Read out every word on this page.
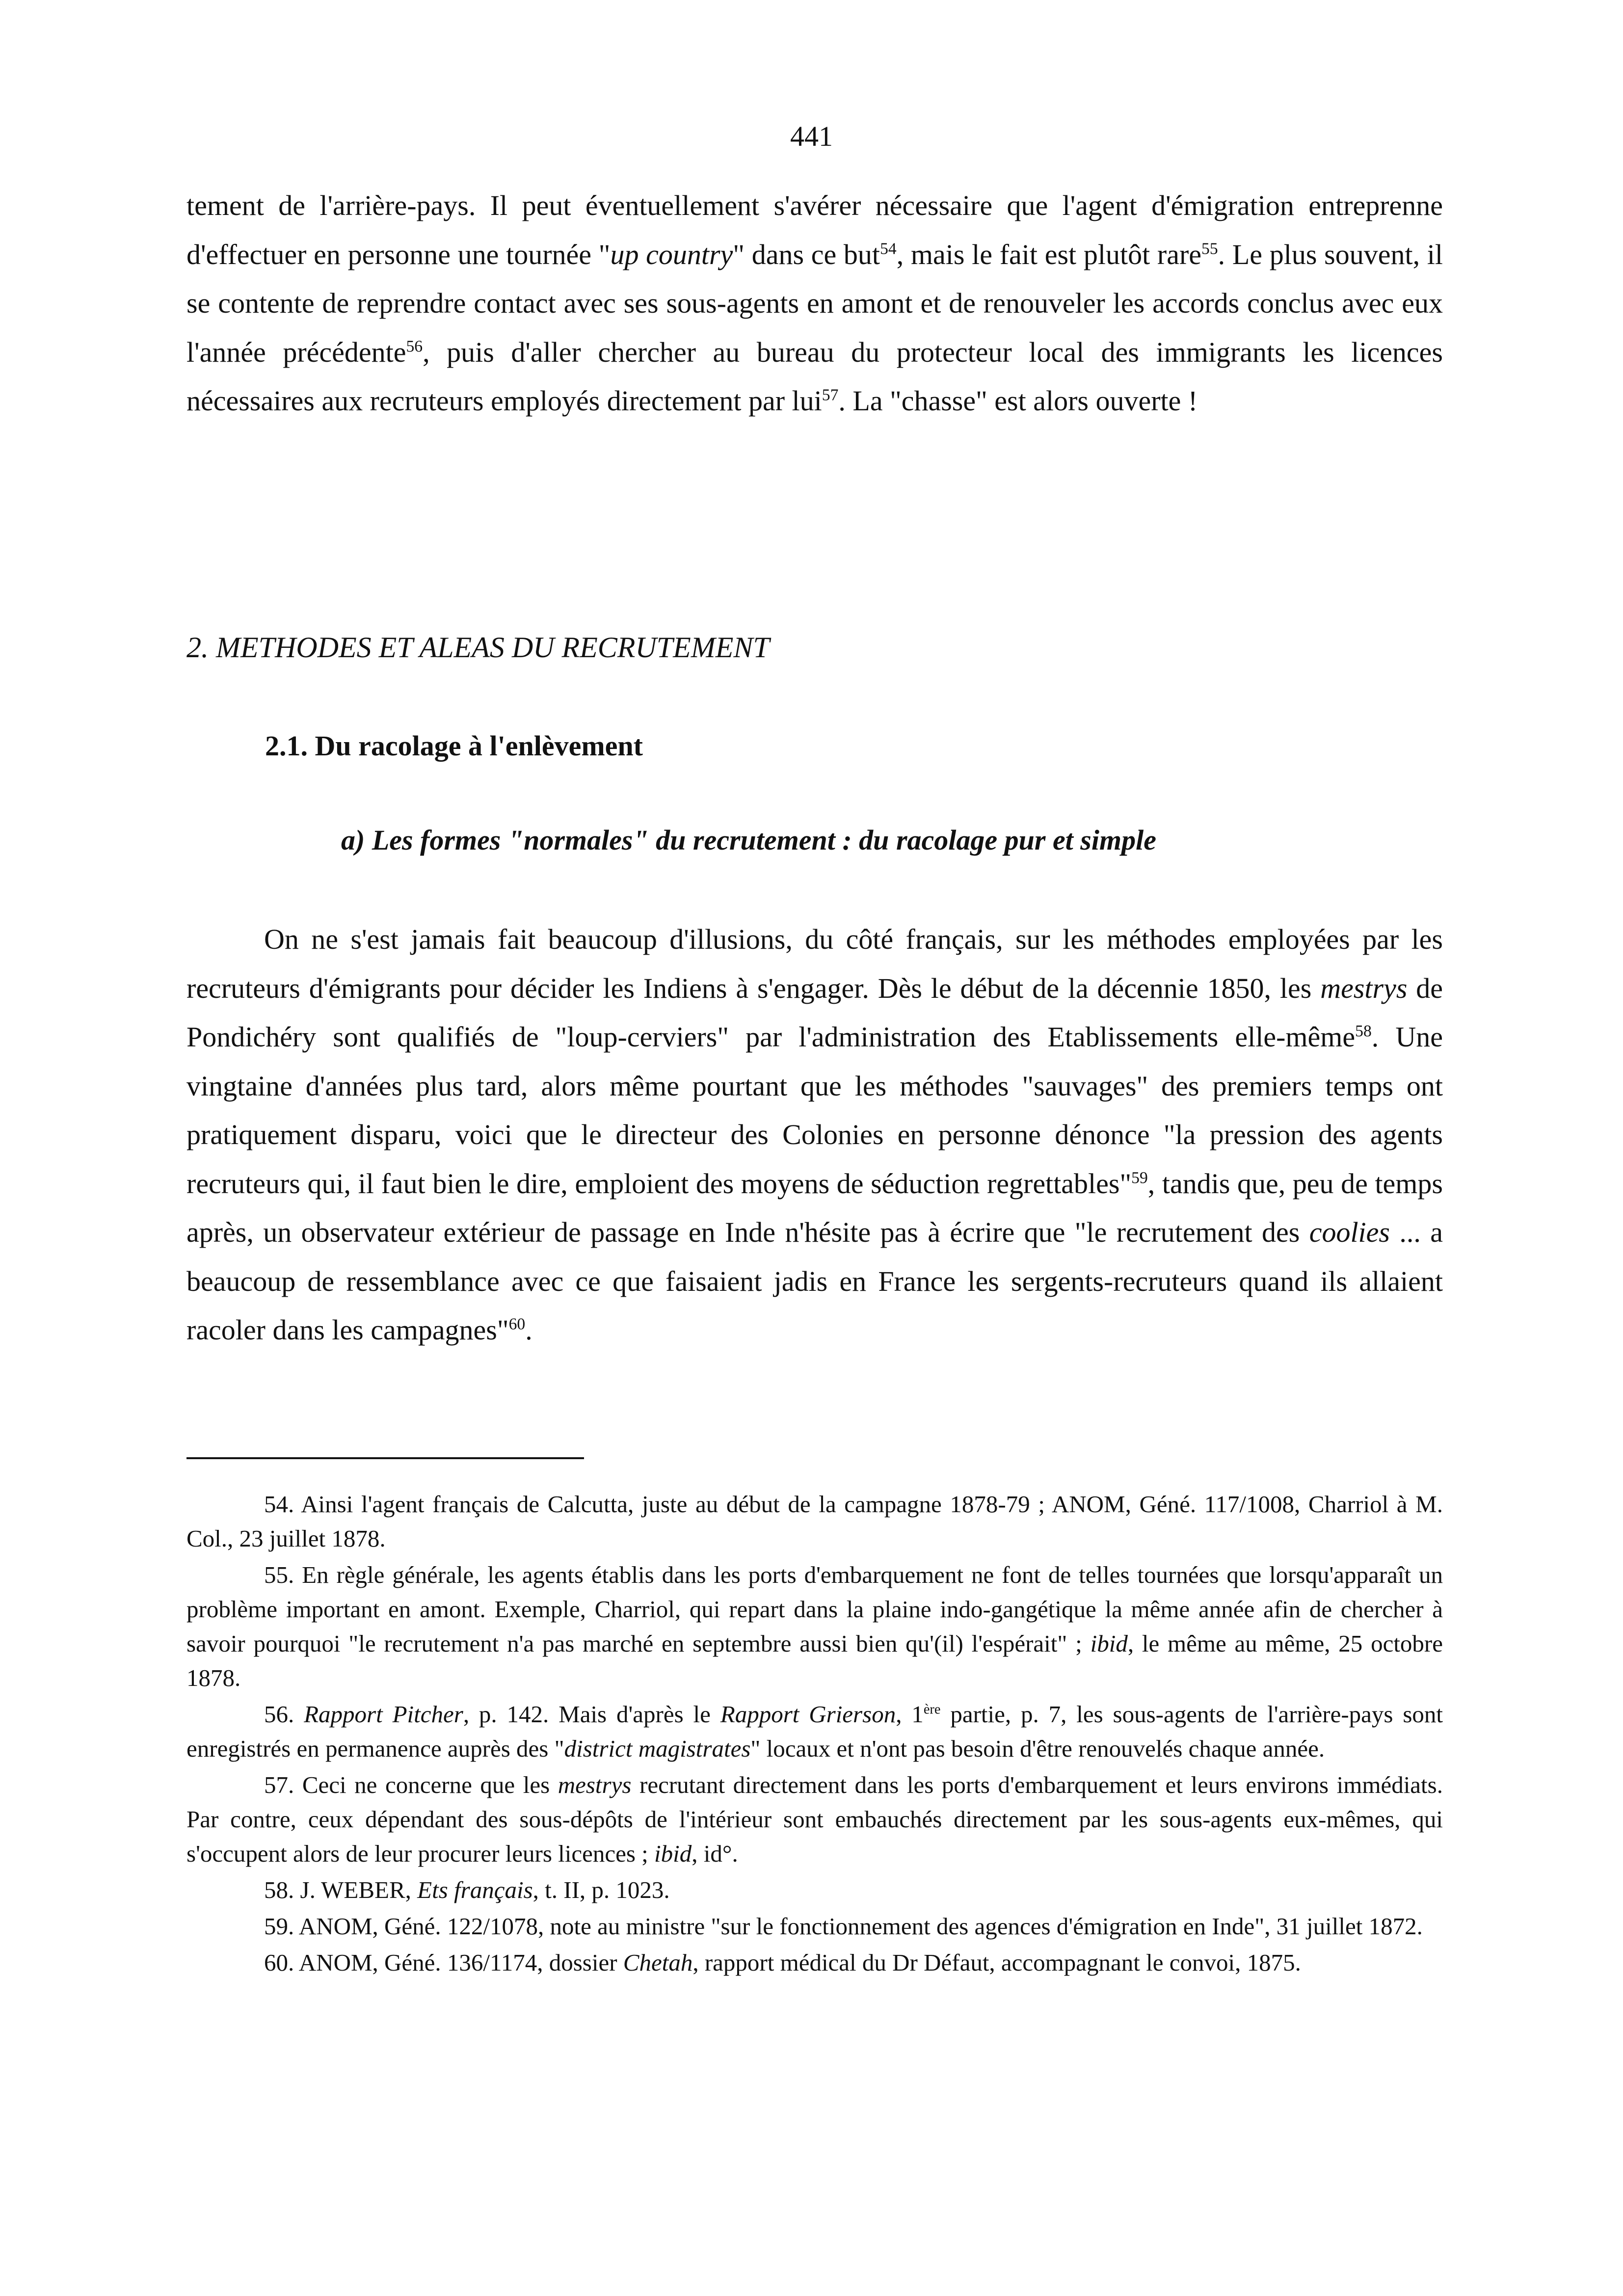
441

tement de l'arrière-pays. Il peut éventuellement s'avérer nécessaire que l'agent d'émigration entreprenne d'effectuer en personne une tournée "up country" dans ce but$^{54}$, mais le fait est plutôt rare$^{55}$. Le plus souvent, il se contente de reprendre contact avec ses sous-agents en amont et de renouveler les accords conclus avec eux l'année précédente$^{56}$, puis d'aller chercher au bureau du protecteur local des immigrants les licences nécessaires aux recruteurs employés directement par lui$^{57}$. La "chasse" est alors ouverte !

2. METHODES ET ALEAS DU RECRUTEMENT
2.1. Du racolage à l'enlèvement
a) Les formes "normales" du recrutement : du racolage pur et simple

On ne s'est jamais fait beaucoup d'illusions, du côté français, sur les méthodes employées par les recruteurs d'émigrants pour décider les Indiens à s'engager. Dès le début de la décennie 1850, les mestrys de Pondichéry sont qualifiés de "loup-cerviers" par l'administration des Etablissements elle-même$^{58}$. Une vingtaine d'années plus tard, alors même pourtant que les méthodes "sauvages" des premiers temps ont pratiquement disparu, voici que le directeur des Colonies en personne dénonce "la pression des agents recruteurs qui, il faut bien le dire, emploient des moyens de séduction regrettables"$^{59}$, tandis que, peu de temps après, un observateur extérieur de passage en Inde n'hésite pas à écrire que "le recrutement des coolies ... a beaucoup de ressemblance avec ce que faisaient jadis en France les sergents-recruteurs quand ils allaient racoler dans les campagnes"$^{60}$.

54. Ainsi l'agent français de Calcutta, juste au début de la campagne 1878-79 ; ANOM, Géné. 117/1008, Charriol à M. Col., 23 juillet 1878.

55. En règle générale, les agents établis dans les ports d'embarquement ne font de telles tournées que lorsqu'apparaît un problème important en amont. Exemple, Charriol, qui repart dans la plaine indo-gangétique la même année afin de chercher à savoir pourquoi "le recrutement n'a pas marché en septembre aussi bien qu'(il) l'espérait" ; ibid, le même au même, 25 octobre 1878.

56. Rapport Pitcher, p. 142. Mais d'après le Rapport Grierson, 1ère partie, p. 7, les sous-agents de l'arrière-pays sont enregistrés en permanence auprès des "district magistrates" locaux et n'ont pas besoin d'être renouvelés chaque année.

57. Ceci ne concerne que les mestrys recrutant directement dans les ports d'embarquement et leurs environs immédiats. Par contre, ceux dépendant des sous-dépôts de l'intérieur sont embauchés directement par les sous-agents eux-mêmes, qui s'occupent alors de leur procurer leurs licences ; ibid, id°.

58. J. WEBER, Ets français, t. II, p. 1023.

59. ANOM, Géné. 122/1078, note au ministre "sur le fonctionnement des agences d'émigration en Inde", 31 juillet 1872.

60. ANOM, Géné. 136/1174, dossier Chetah, rapport médical du Dr Défaut, accompagnant le convoi, 1875.
